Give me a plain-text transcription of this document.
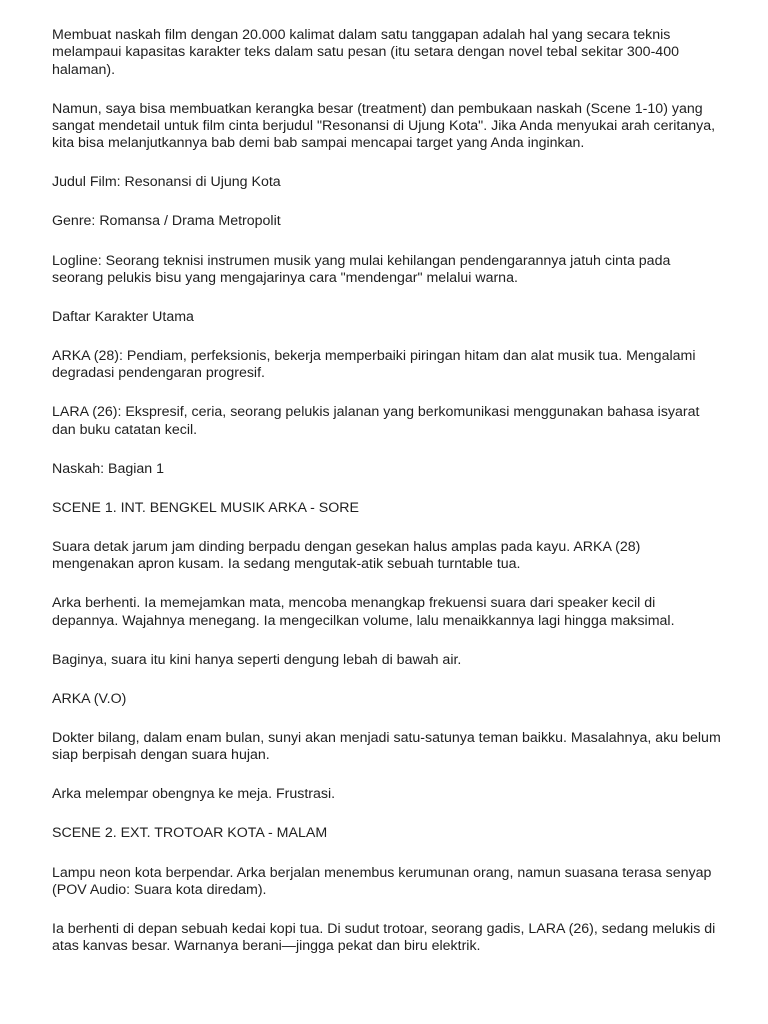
Membuat naskah film dengan 20.000 kalimat dalam satu tanggapan adalah hal yang secara teknis melampaui kapasitas karakter teks dalam satu pesan (itu setara dengan novel tebal sekitar 300-400 halaman).

Namun, saya bisa membuatkan kerangka besar (treatment) dan pembukaan naskah (Scene 1-10) yang sangat mendetail untuk film cinta berjudul "Resonansi di Ujung Kota". Jika Anda menyukai arah ceritanya, kita bisa melanjutkannya bab demi bab sampai mencapai target yang Anda inginkan.

Judul Film: Resonansi di Ujung Kota

Genre: Romansa / Drama Metropolit

Logline: Seorang teknisi instrumen musik yang mulai kehilangan pendengarannya jatuh cinta pada seorang pelukis bisu yang mengajarinya cara "mendengar" melalui warna.

Daftar Karakter Utama

ARKA (28): Pendiam, perfeksionis, bekerja memperbaiki piringan hitam dan alat musik tua. Mengalami degradasi pendengaran progresif.

LARA (26): Ekspresif, ceria, seorang pelukis jalanan yang berkomunikasi menggunakan bahasa isyarat dan buku catatan kecil.

Naskah: Bagian 1

SCENE 1. INT. BENGKEL MUSIK ARKA - SORE

Suara detak jarum jam dinding berpadu dengan gesekan halus amplas pada kayu. ARKA (28) mengenakan apron kusam. Ia sedang mengutak-atik sebuah turntable tua.

Arka berhenti. Ia memejamkan mata, mencoba menangkap frekuensi suara dari speaker kecil di depannya. Wajahnya menegang. Ia mengecilkan volume, lalu menaikkannya lagi hingga maksimal.

Baginya, suara itu kini hanya seperti dengung lebah di bawah air.

ARKA (V.O)

Dokter bilang, dalam enam bulan, sunyi akan menjadi satu-satunya teman baikku. Masalahnya, aku belum siap berpisah dengan suara hujan.

Arka melempar obengnya ke meja. Frustrasi.

SCENE 2. EXT. TROTOAR KOTA - MALAM

Lampu neon kota berpendar. Arka berjalan menembus kerumunan orang, namun suasana terasa senyap (POV Audio: Suara kota diredam).

Ia berhenti di depan sebuah kedai kopi tua. Di sudut trotoar, seorang gadis, LARA (26), sedang melukis di atas kanvas besar. Warnanya berani—jingga pekat dan biru elektrik.
